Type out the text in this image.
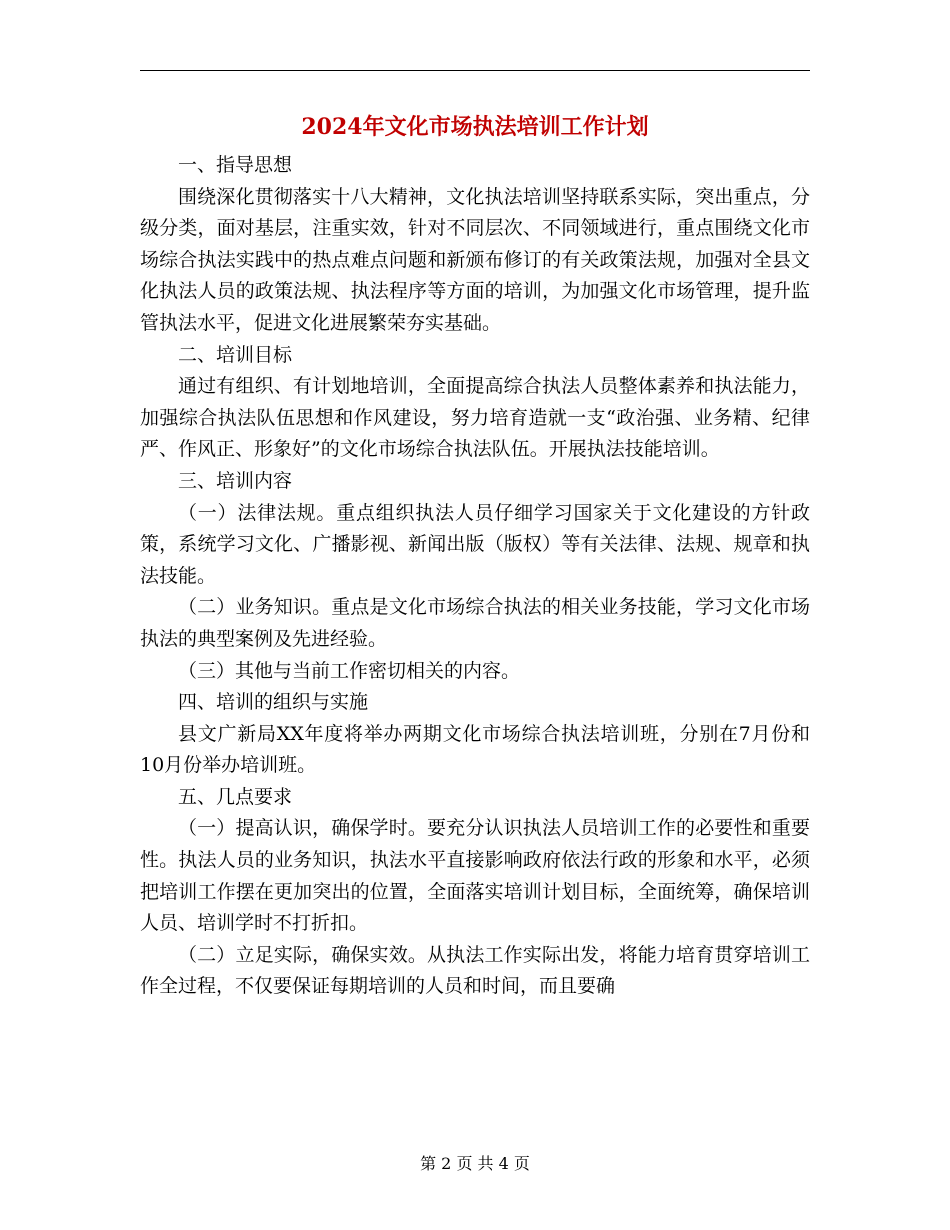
2024年文化市场执法培训工作计划

一、指导思想

围绕深化贯彻落实十八大精神，文化执法培训坚持联系实际，突出重点，分级分类，面对基层，注重实效，针对不同层次、不同领域进行，重点围绕文化市场综合执法实践中的热点难点问题和新颁布修订的有关政策法规，加强对全县文化执法人员的政策法规、执法程序等方面的培训，为加强文化市场管理，提升监管执法水平，促进文化进展繁荣夯实基础。

二、培训目标

通过有组织、有计划地培训，全面提高综合执法人员整体素养和执法能力，加强综合执法队伍思想和作风建设，努力培育造就一支“政治强、业务精、纪律严、作风正、形象好”的文化市场综合执法队伍。开展执法技能培训。

三、培训内容

（一）法律法规。重点组织执法人员仔细学习国家关于文化建设的方针政策，系统学习文化、广播影视、新闻出版（版权）等有关法律、法规、规章和执法技能。

（二）业务知识。重点是文化市场综合执法的相关业务技能，学习文化市场执法的典型案例及先进经验。

（三）其他与当前工作密切相关的内容。

四、培训的组织与实施

县文广新局XX年度将举办两期文化市场综合执法培训班，分别在7月份和10月份举办培训班。

五、几点要求

（一）提高认识，确保学时。要充分认识执法人员培训工作的必要性和重要性。执法人员的业务知识，执法水平直接影响政府依法行政的形象和水平，必须把培训工作摆在更加突出的位置，全面落实培训计划目标，全面统筹，确保培训人员、培训学时不打折扣。

（二）立足实际，确保实效。从执法工作实际出发，将能力培育贯穿培训工作全过程，不仅要保证每期培训的人员和时间，而且要确

第 2 页 共 4 页
